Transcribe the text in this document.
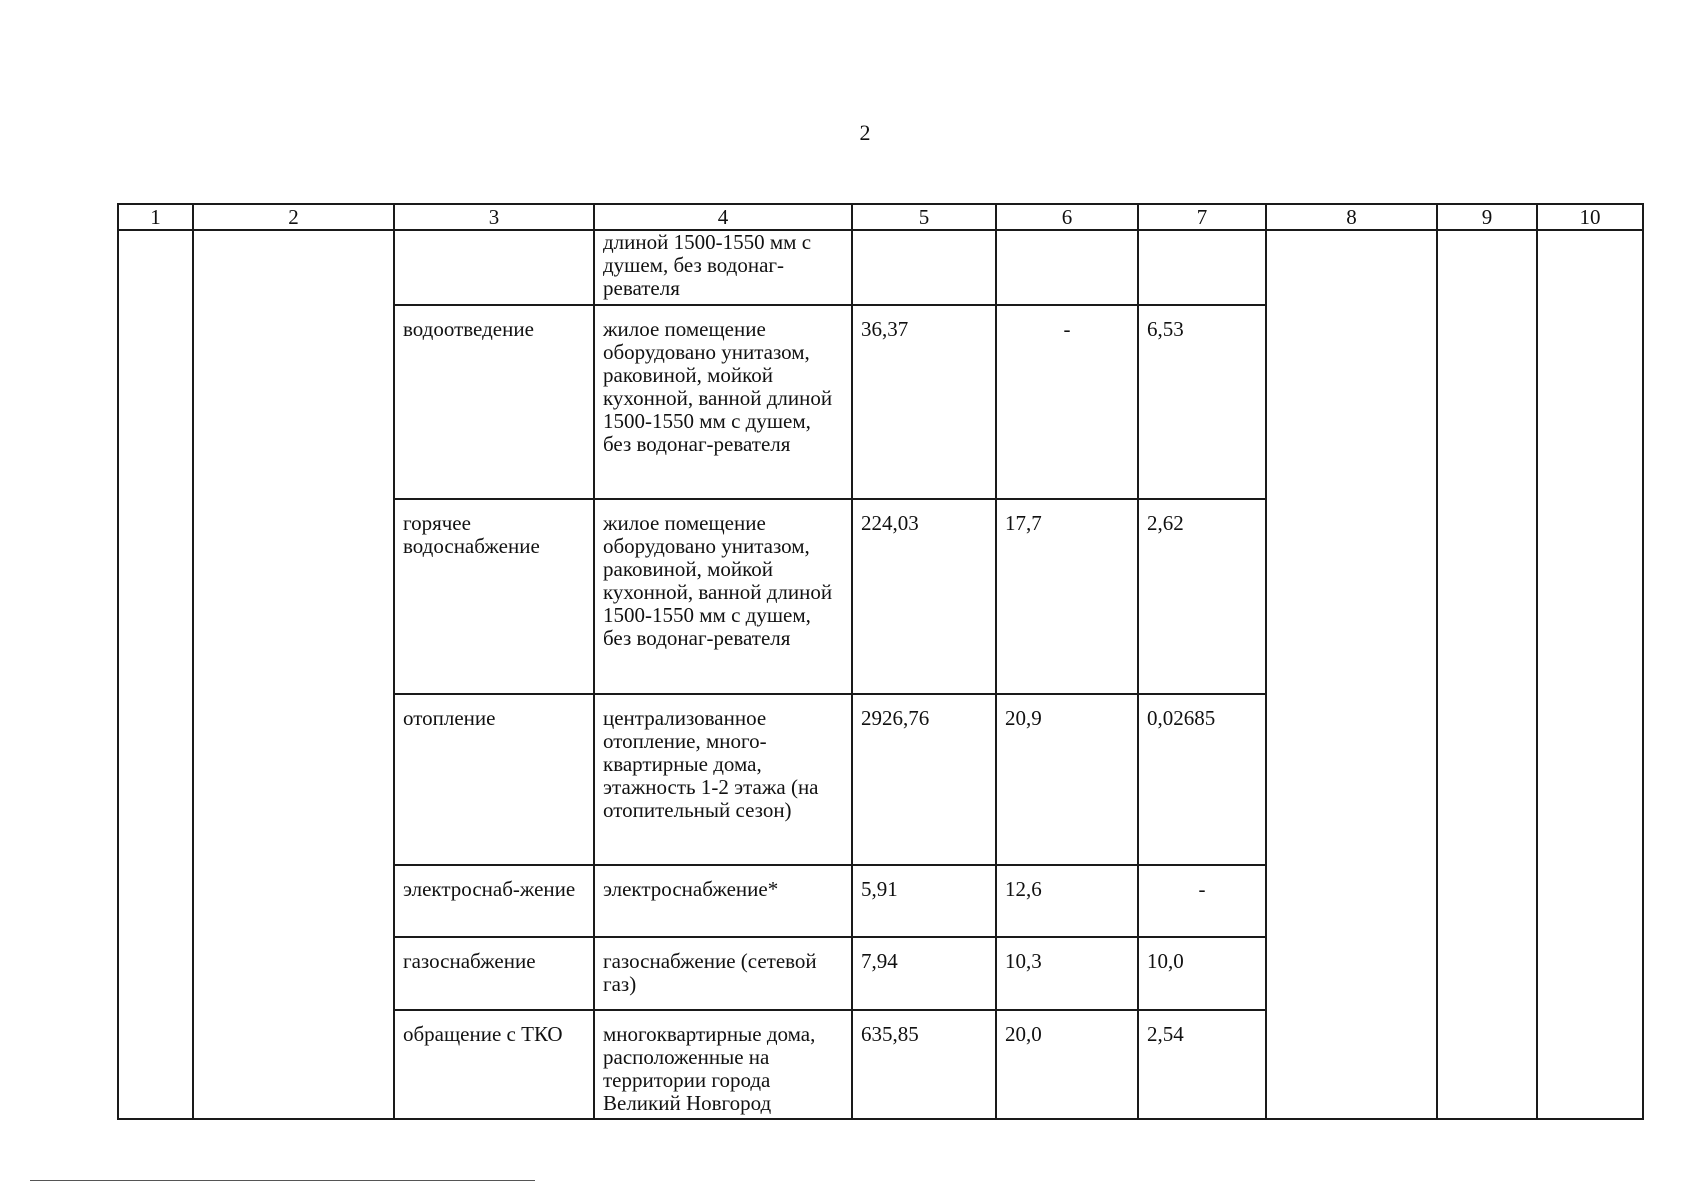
2
1	2	3	4	5	6	7	8	9	10
			длиной 1500-1550 мм с душем, без водонаг-ревателя						
		водоотведение	жилое помещение оборудовано унитазом, раковиной, мойкой кухонной, ванной длиной 1500-1550 мм с душем, без водонаг-ревателя	36,37	-	6,53			
		горячее водоснабжение	жилое помещение оборудовано унитазом, раковиной, мойкой кухонной, ванной длиной 1500-1550 мм с душем, без водонаг-ревателя	224,03	17,7	2,62			
		отопление	централизованное отопление, много-квартирные дома, этажность 1-2 этажа (на отопительный сезон)	2926,76	20,9	0,02685			
		электроснаб-жение	электроснабжение*	5,91	12,6	-			
		газоснабжение	газоснабжение (сетевой газ)	7,94	10,3	10,0			
		обращение с ТКО	многоквартирные дома, расположенные на территории города Великий Новгород	635,85	20,0	2,54			
